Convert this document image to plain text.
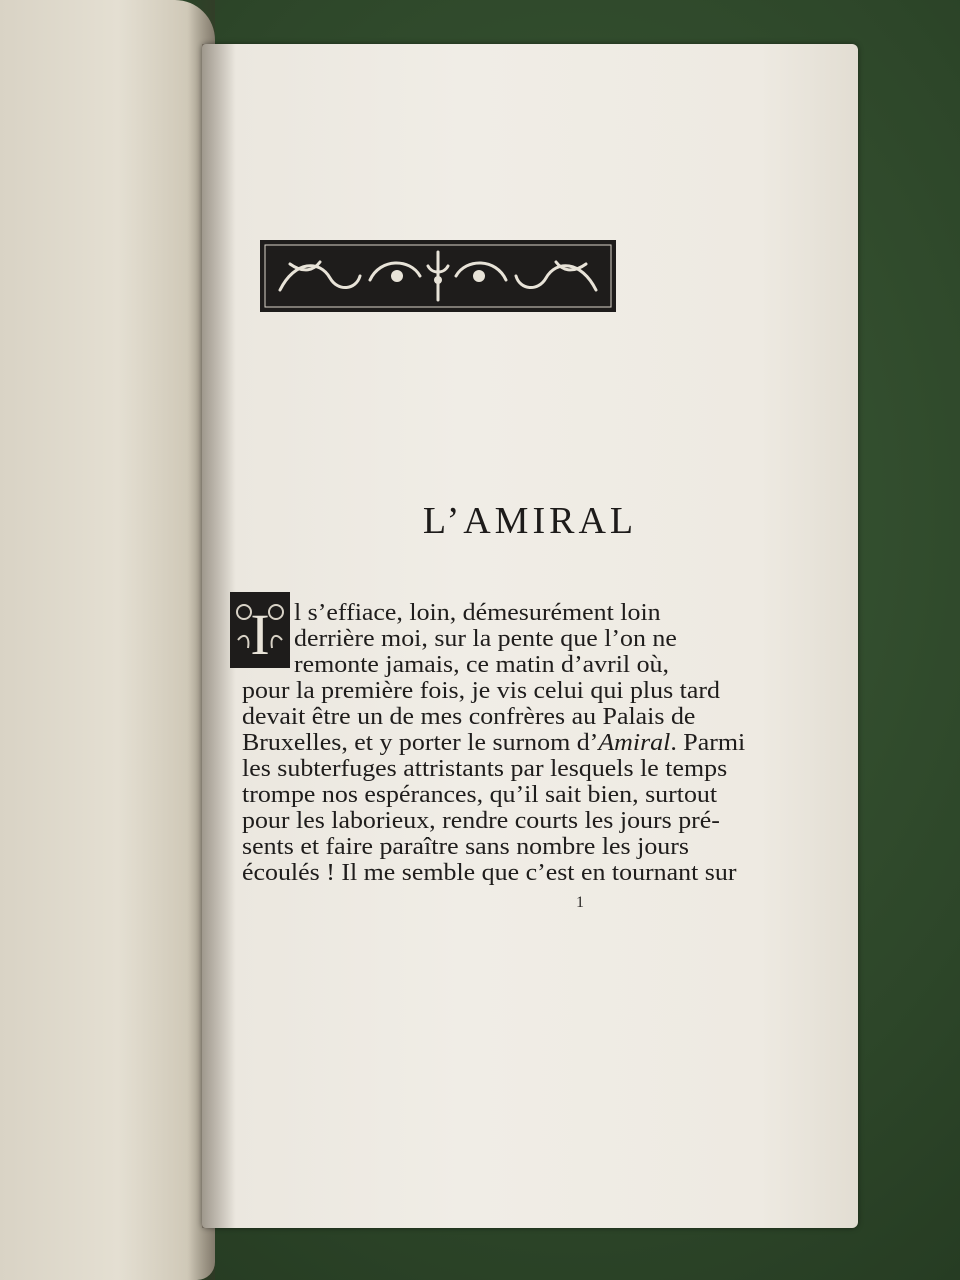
L’AMIRAL
I l s’effiace, loin, démesurément loin
derrière moi, sur la pente que l’on ne
remonte jamais, ce matin d’avril où,
pour la première fois, je vis celui qui plus tard
devait être un de mes confrères au Palais de
Bruxelles, et y porter le surnom d’Amiral. Parmi
les subterfuges attristants par lesquels le temps
trompe nos espérances, qu’il sait bien, surtout
pour les laborieux, rendre courts les jours pré-
sents et faire paraître sans nombre les jours
écoulés ! Il me semble que c’est en tournant sur
1
